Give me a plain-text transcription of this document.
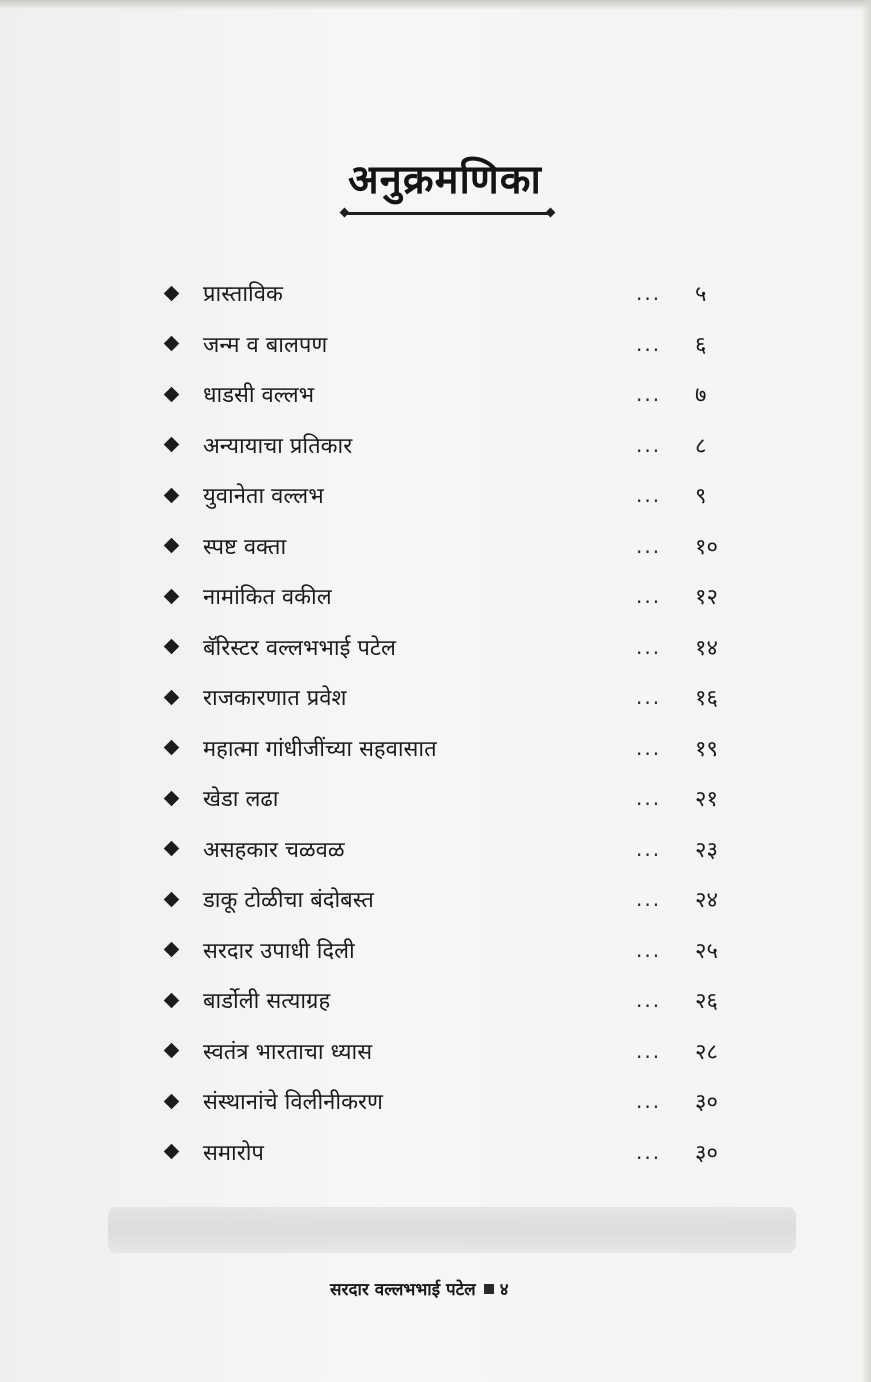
अनुक्रमणिका
प्रास्ताविक	... ५
जन्म व बालपण	... ६
धाडसी वल्लभ	... ७
अन्यायाचा प्रतिकार	... ८
युवानेता वल्लभ	... ९
स्पष्ट वक्ता	... १०
नामांकित वकील	... १२
बॅरिस्टर वल्लभभाई पटेल	... १४
राजकारणात प्रवेश	... १६
महात्मा गांधीजींच्या सहवासात	... १९
खेडा लढा	... २१
असहकार चळवळ	... २३
डाकू टोळीचा बंदोबस्त	... २४
सरदार उपाधी दिली	... २५
बार्डोली सत्याग्रह	... २६
स्वतंत्र भारताचा ध्यास	... २८
संस्थानांचे विलीनीकरण	... ३०
समारोप	... ३०
सरदार वल्लभभाई पटेल ४
